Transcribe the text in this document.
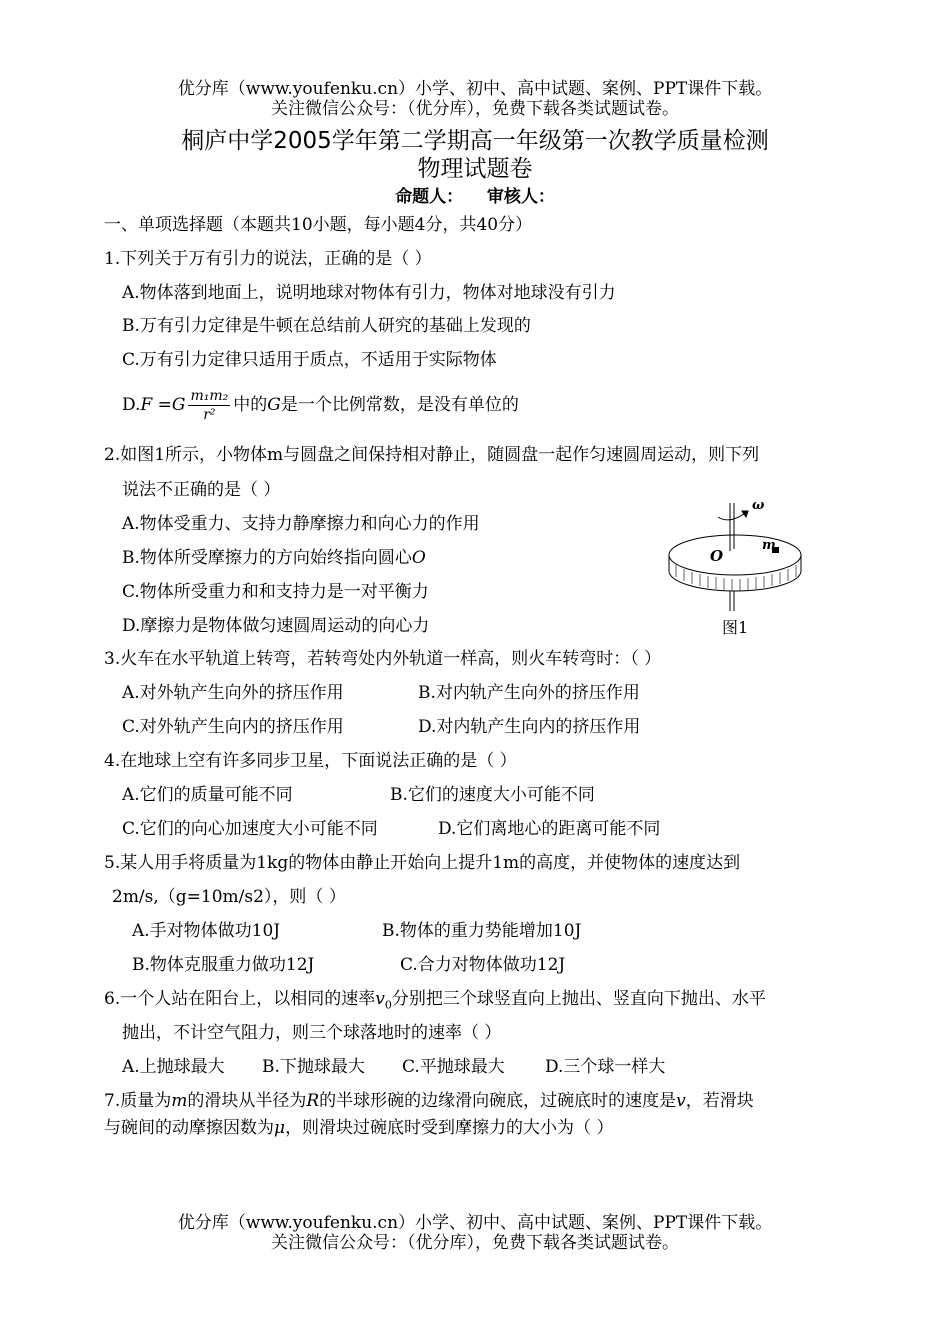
优分库（www.youfenku.cn）小学、初中、高中试题、案例、PPT课件下载。
关注微信公众号：（优分库），免费下载各类试题试卷。
桐庐中学2005学年第二学期高一年级第一次教学质量检测
物理试题卷
命题人：    审核人：
一、单项选择题（本题共10小题，每小题4分，共40分）
1.下列关于万有引力的说法，正确的是（ ）
A.物体落到地面上，说明地球对物体有引力，物体对地球没有引力
B.万有引力定律是牛顿在总结前人研究的基础上发现的
C.万有引力定律只适用于质点，不适用于实际物体
$D.F =G \frac{\text{m₁m₂}}{\text{r²}}$ 中的G是一个比例常数，是没有单位的
2.如图1所示，小物体m与圆盘之间保持相对静止，随圆盘一起作匀速圆周运动，则下列
说法不正确的是（ ）
A.物体受重力、支持力静摩擦力和向心力的作用
B.物体所受摩擦力的方向始终指向圆心O
C.物体所受重力和和支持力是一对平衡力
D.摩擦力是物体做匀速圆周运动的向心力
ω
m
O
图1
3.火车在水平轨道上转弯，若转弯处内外轨道一样高，则火车转弯时：（ ）
A.对外轨产生向外的挤压作用	B.对内轨产生向外的挤压作用
C.对外轨产生向内的挤压作用	D.对内轨产生向内的挤压作用
4.在地球上空有许多同步卫星，下面说法正确的是（ ）
A.它们的质量可能不同	B.它们的速度大小可能不同
C.它们的向心加速度大小可能不同	D.它们离地心的距离可能不同
5.某人用手将质量为1kg的物体由静止开始向上提升1m的高度，并使物体的速度达到
2m/s,（g=10m/s2），则（ ）
A.手对物体做功10J	B.物体的重力势能增加10J
B.物体克服重力做功12J	C.合力对物体做功12J
6.一个人站在阳台上，以相同的速率$v_0$分别把三个球竖直向上抛出、竖直向下抛出、水平
抛出，不计空气阻力，则三个球落地时的速率（ ）
A.上抛球最大 B.下抛球最大 C.平抛球最大 D.三个球一样大
7.质量为m的滑块从半径为R的半球形碗的边缘滑向碗底，过碗底时的速度是v，若滑块
与碗间的动摩擦因数为μ，则滑块过碗底时受到摩擦力的大小为（ ）
优分库（www.youfenku.cn）小学、初中、高中试题、案例、PPT课件下载。
关注微信公众号：（优分库），免费下载各类试题试卷。
